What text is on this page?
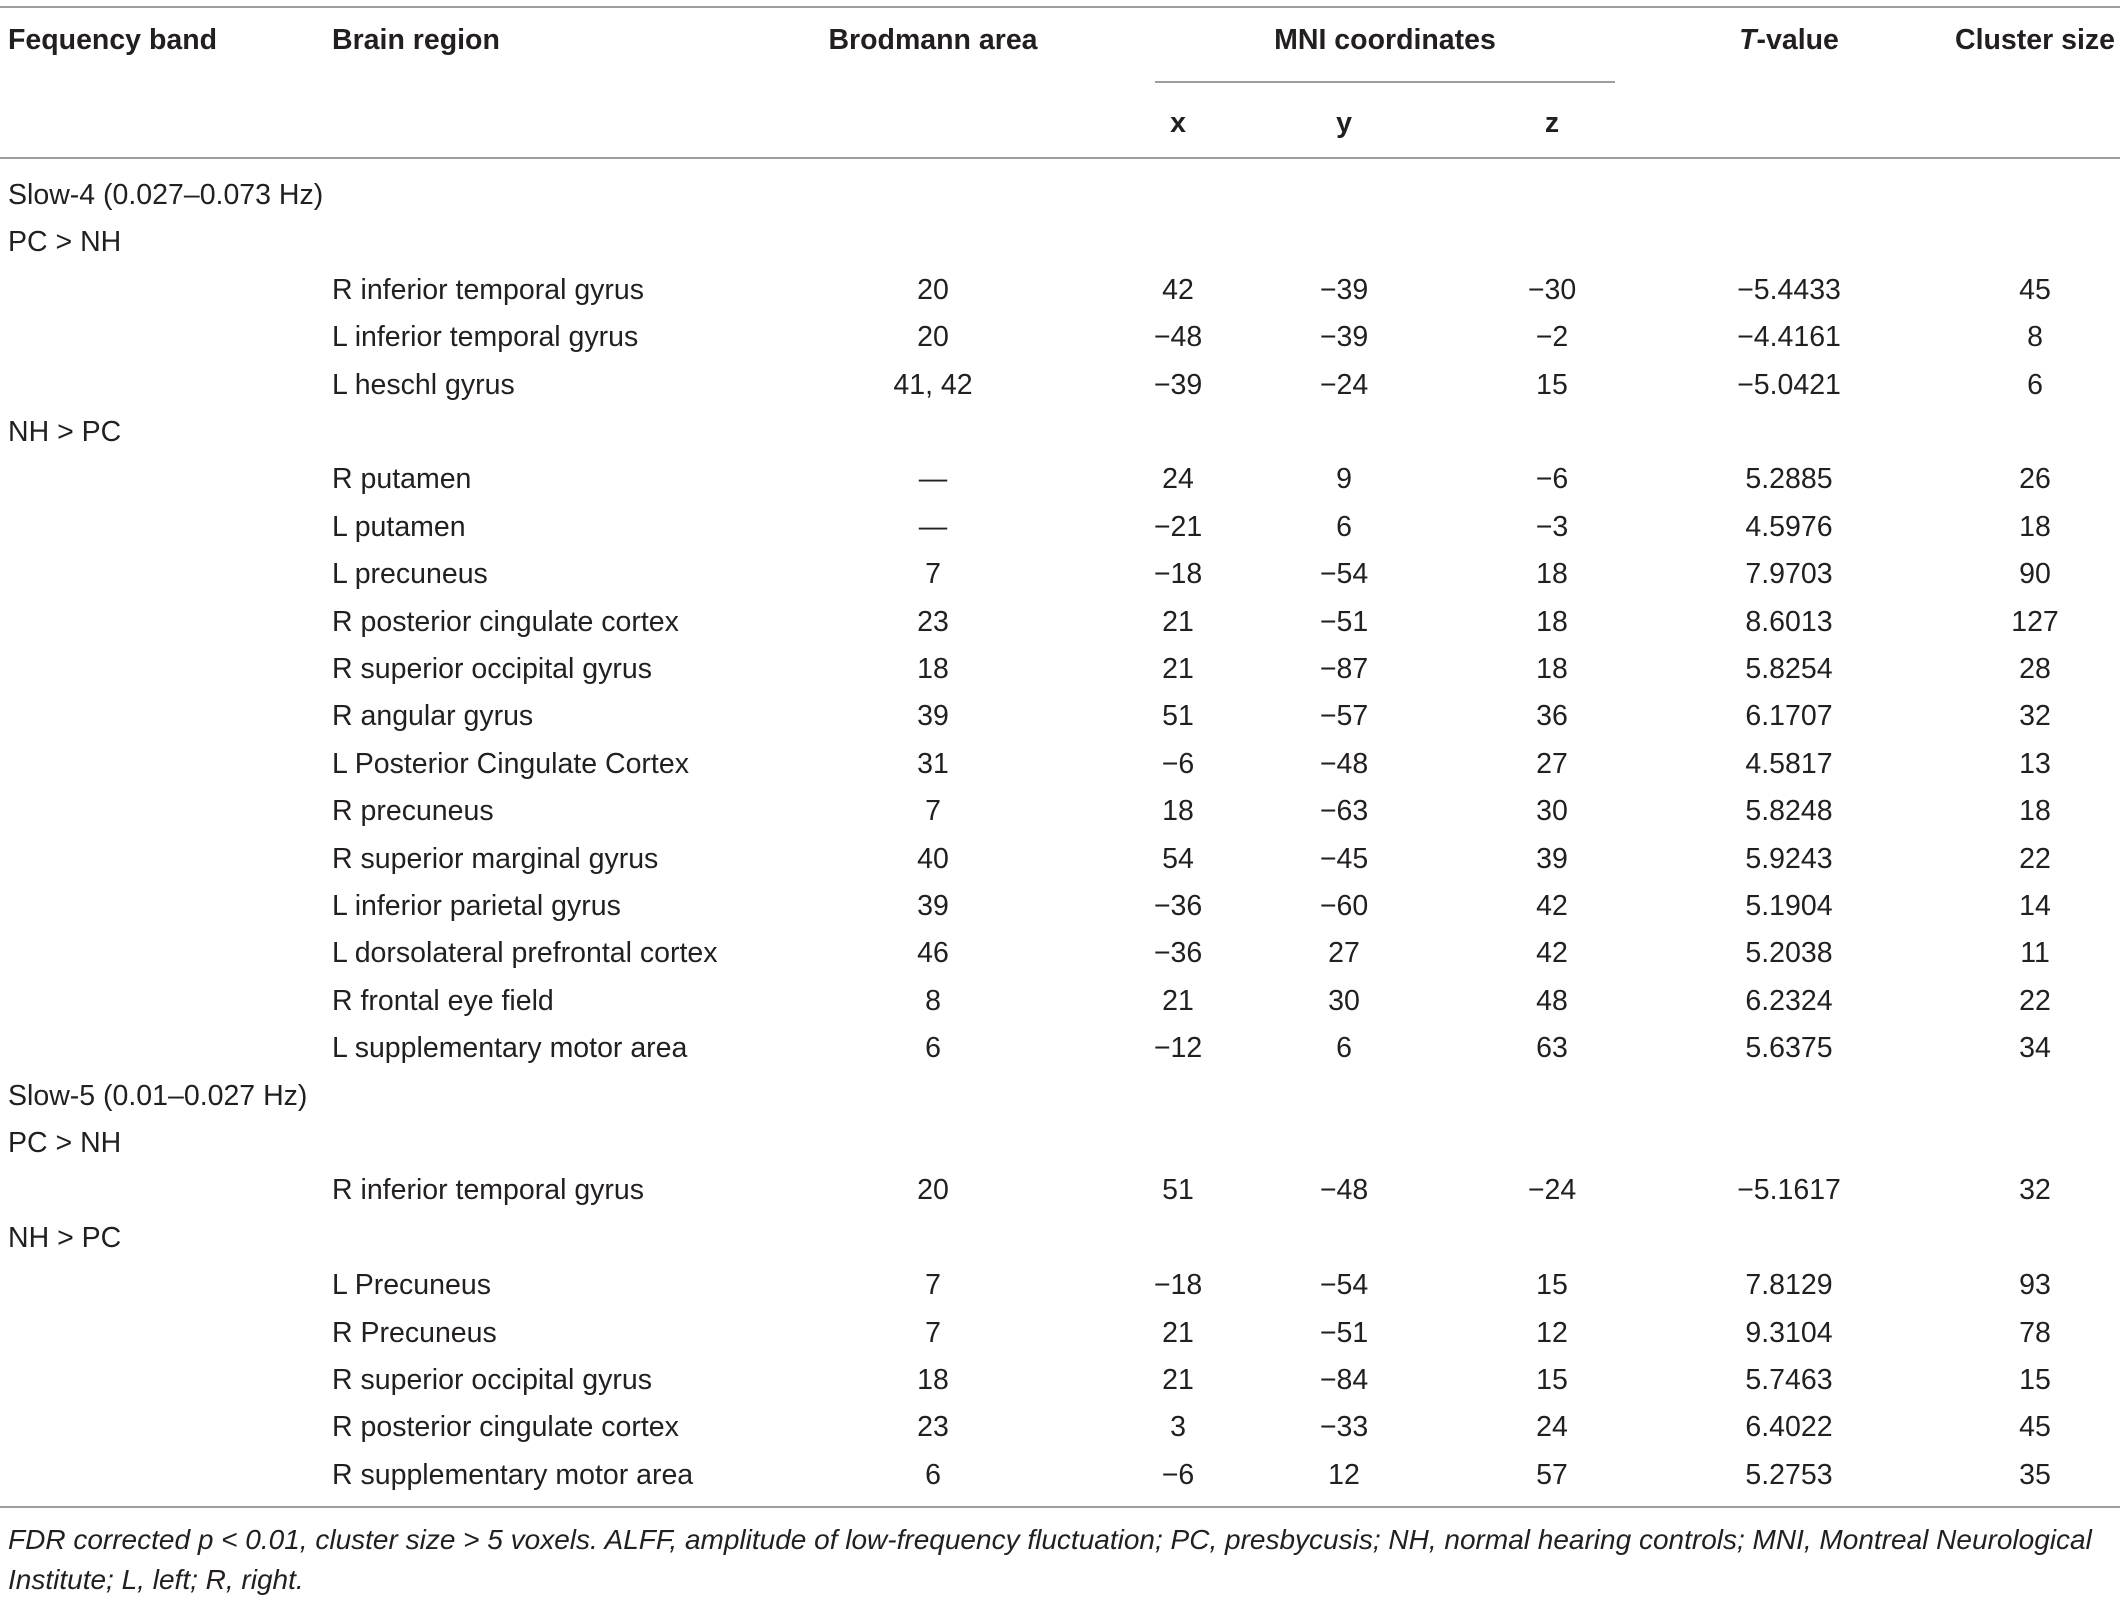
Fequency band	Brain region	Brodmann area	MNI coordinates
x	y	z
T-value	Cluster size
Slow-4 (0.027–0.073 Hz)
PC > NH
R inferior temporal gyrus	20	42	−39	−30	−5.4433	45
L inferior temporal gyrus	20	−48	−39	−2	−4.4161	8
L heschl gyrus	41, 42	−39	−24	15	−5.0421	6
NH > PC
R putamen	—	24	9	−6	5.2885	26
L putamen	—	−21	6	−3	4.5976	18
L precuneus	7	−18	−54	18	7.9703	90
R posterior cingulate cortex	23	21	−51	18	8.6013	127
R superior occipital gyrus	18	21	−87	18	5.8254	28
R angular gyrus	39	51	−57	36	6.1707	32
L Posterior Cingulate Cortex	31	−6	−48	27	4.5817	13
R precuneus	7	18	−63	30	5.8248	18
R superior marginal gyrus	40	54	−45	39	5.9243	22
L inferior parietal gyrus	39	−36	−60	42	5.1904	14
L dorsolateral prefrontal cortex	46	−36	27	42	5.2038	11
R frontal eye field	8	21	30	48	6.2324	22
L supplementary motor area	6	−12	6	63	5.6375	34
Slow-5 (0.01–0.027 Hz)
PC > NH
R inferior temporal gyrus	20	51	−48	−24	−5.1617	32
NH > PC
L Precuneus	7	−18	−54	15	7.8129	93
R Precuneus	7	21	−51	12	9.3104	78
R superior occipital gyrus	18	21	−84	15	5.7463	15
R posterior cingulate cortex	23	3	−33	24	6.4022	45
R supplementary motor area	6	−6	12	57	5.2753	35
FDR corrected p < 0.01, cluster size > 5 voxels. ALFF, amplitude of low-frequency fluctuation; PC, presbycusis; NH, normal hearing controls; MNI, Montreal Neurological Institute; L, left; R, right.
